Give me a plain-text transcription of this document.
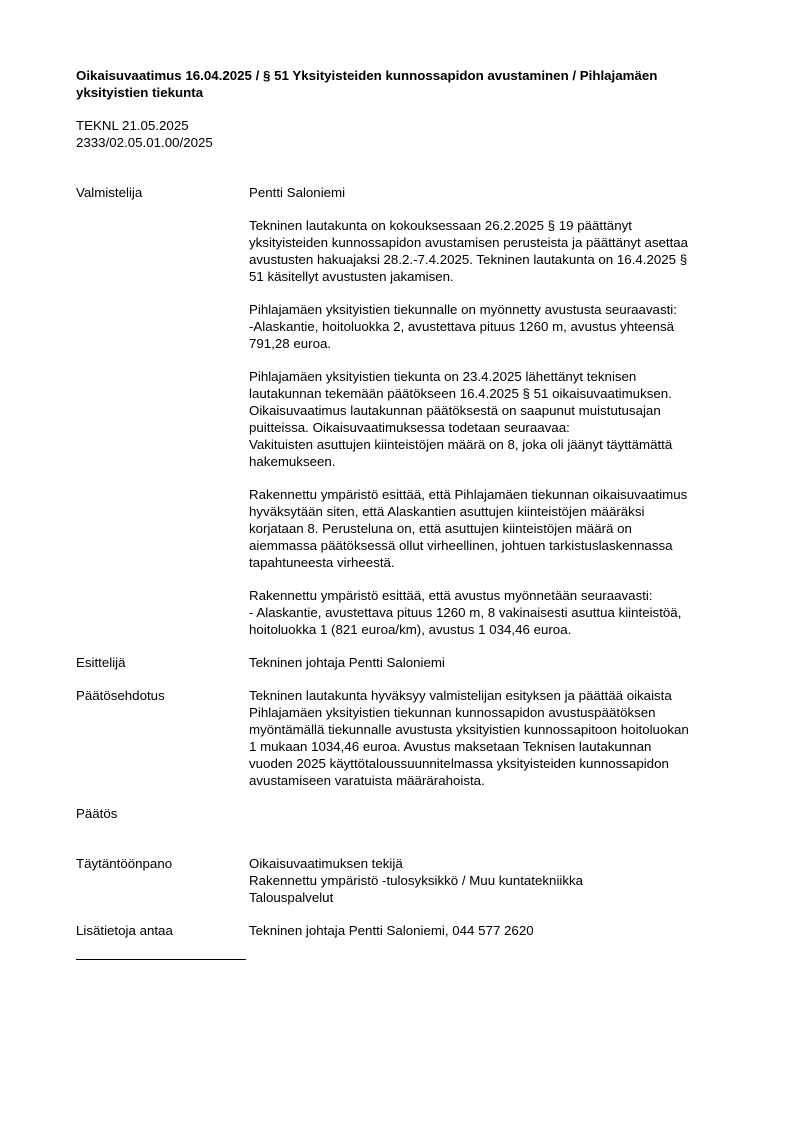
Oikaisuvaatimus 16.04.2025 / § 51 Yksityisteiden kunnossapidon avustaminen / Pihlajamäen
yksityistien tiekunta
TEKNL 21.05.2025
2333/02.05.01.00/2025
Valmistelija	Pentti Saloniemi
Tekninen lautakunta on kokouksessaan 26.2.2025 § 19 päättänyt
yksityisteiden kunnossapidon avustamisen perusteista ja päättänyt asettaa
avustusten hakuajaksi 28.2.-7.4.2025. Tekninen lautakunta on 16.4.2025 §
51 käsitellyt avustusten jakamisen.
Pihlajamäen yksityistien tiekunnalle on myönnetty avustusta seuraavasti:
-Alaskantie, hoitoluokka 2, avustettava pituus 1260 m, avustus yhteensä
791,28 euroa.
Pihlajamäen yksityistien tiekunta on 23.4.2025 lähettänyt teknisen
lautakunnan tekemään päätökseen 16.4.2025 § 51 oikaisuvaatimuksen.
Oikaisuvaatimus lautakunnan päätöksestä on saapunut muistutusajan
puitteissa. Oikaisuvaatimuksessa todetaan seuraavaa:
Vakituisten asuttujen kiinteistöjen määrä on 8, joka oli jäänyt täyttämättä
hakemukseen.
Rakennettu ympäristö esittää, että Pihlajamäen tiekunnan oikaisuvaatimus
hyväksytään siten, että Alaskantien asuttujen kiinteistöjen määräksi
korjataan 8. Perusteluna on, että asuttujen kiinteistöjen määrä on
aiemmassa päätöksessä ollut virheellinen, johtuen tarkistuslaskennassa
tapahtuneesta virheestä.
Rakennettu ympäristö esittää, että avustus myönnetään seuraavasti:
- Alaskantie, avustettava pituus 1260 m, 8 vakinaisesti asuttua kiinteistöä,
hoitoluokka 1 (821 euroa/km), avustus 1 034,46 euroa.
Esittelijä	Tekninen johtaja Pentti Saloniemi
Päätösehdotus	Tekninen lautakunta hyväksyy valmistelijan esityksen ja päättää oikaista
Pihlajamäen yksityistien tiekunnan kunnossapidon avustuspäätöksen
myöntämällä tiekunnalle avustusta yksityistien kunnossapitoon hoitoluokan
1 mukaan 1034,46 euroa. Avustus maksetaan Teknisen lautakunnan
vuoden 2025 käyttötaloussuunnitelmassa yksityisteiden kunnossapidon
avustamiseen varatuista määrärahoista.
Päätös
Täytäntöönpano	Oikaisuvaatimuksen tekijä
Rakennettu ympäristö -tulosyksikkö / Muu kuntatekniikka
Talouspalvelut
Lisätietoja antaa	Tekninen johtaja Pentti Saloniemi, 044 577 2620
